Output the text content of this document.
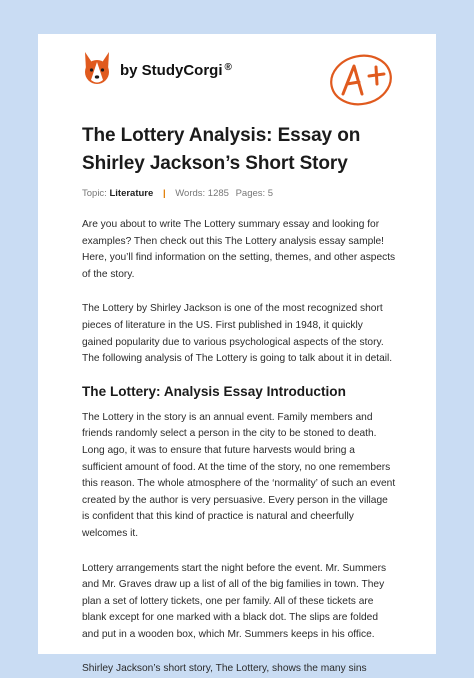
by StudyCorgi ®
The Lottery Analysis: Essay on Shirley Jackson’s Short Story
Topic: Literature | Words: 1285 Pages: 5

Are you about to write The Lottery summary essay and looking for examples? Then check out this The Lottery analysis essay sample! Here, you’ll find information on the setting, themes, and other aspects of the story.

The Lottery by Shirley Jackson is one of the most recognized short pieces of literature in the US. First published in 1948, it quickly gained popularity due to various psychological aspects of the story. The following analysis of The Lottery is going to talk about it in detail.

The Lottery: Analysis Essay Introduction

The Lottery in the story is an annual event. Family members and friends randomly select a person in the city to be stoned to death. Long ago, it was to ensure that future harvests would bring a sufficient amount of food. At the time of the story, no one remembers this reason. The whole atmosphere of the ‘normality’ of such an event created by the author is very persuasive. Every person in the village is confident that this kind of practice is natural and cheerfully welcomes it.

Lottery arrangements start the night before the event. Mr. Summers and Mr. Graves draw up a list of all of the big families in town. They plan a set of lottery tickets, one per family. All of these tickets are blank except for one marked with a black dot. The slips are folded and put in a wooden box, which Mr. Summers keeps in his office.

Shirley Jackson’s short story, The Lottery, shows the many sins
